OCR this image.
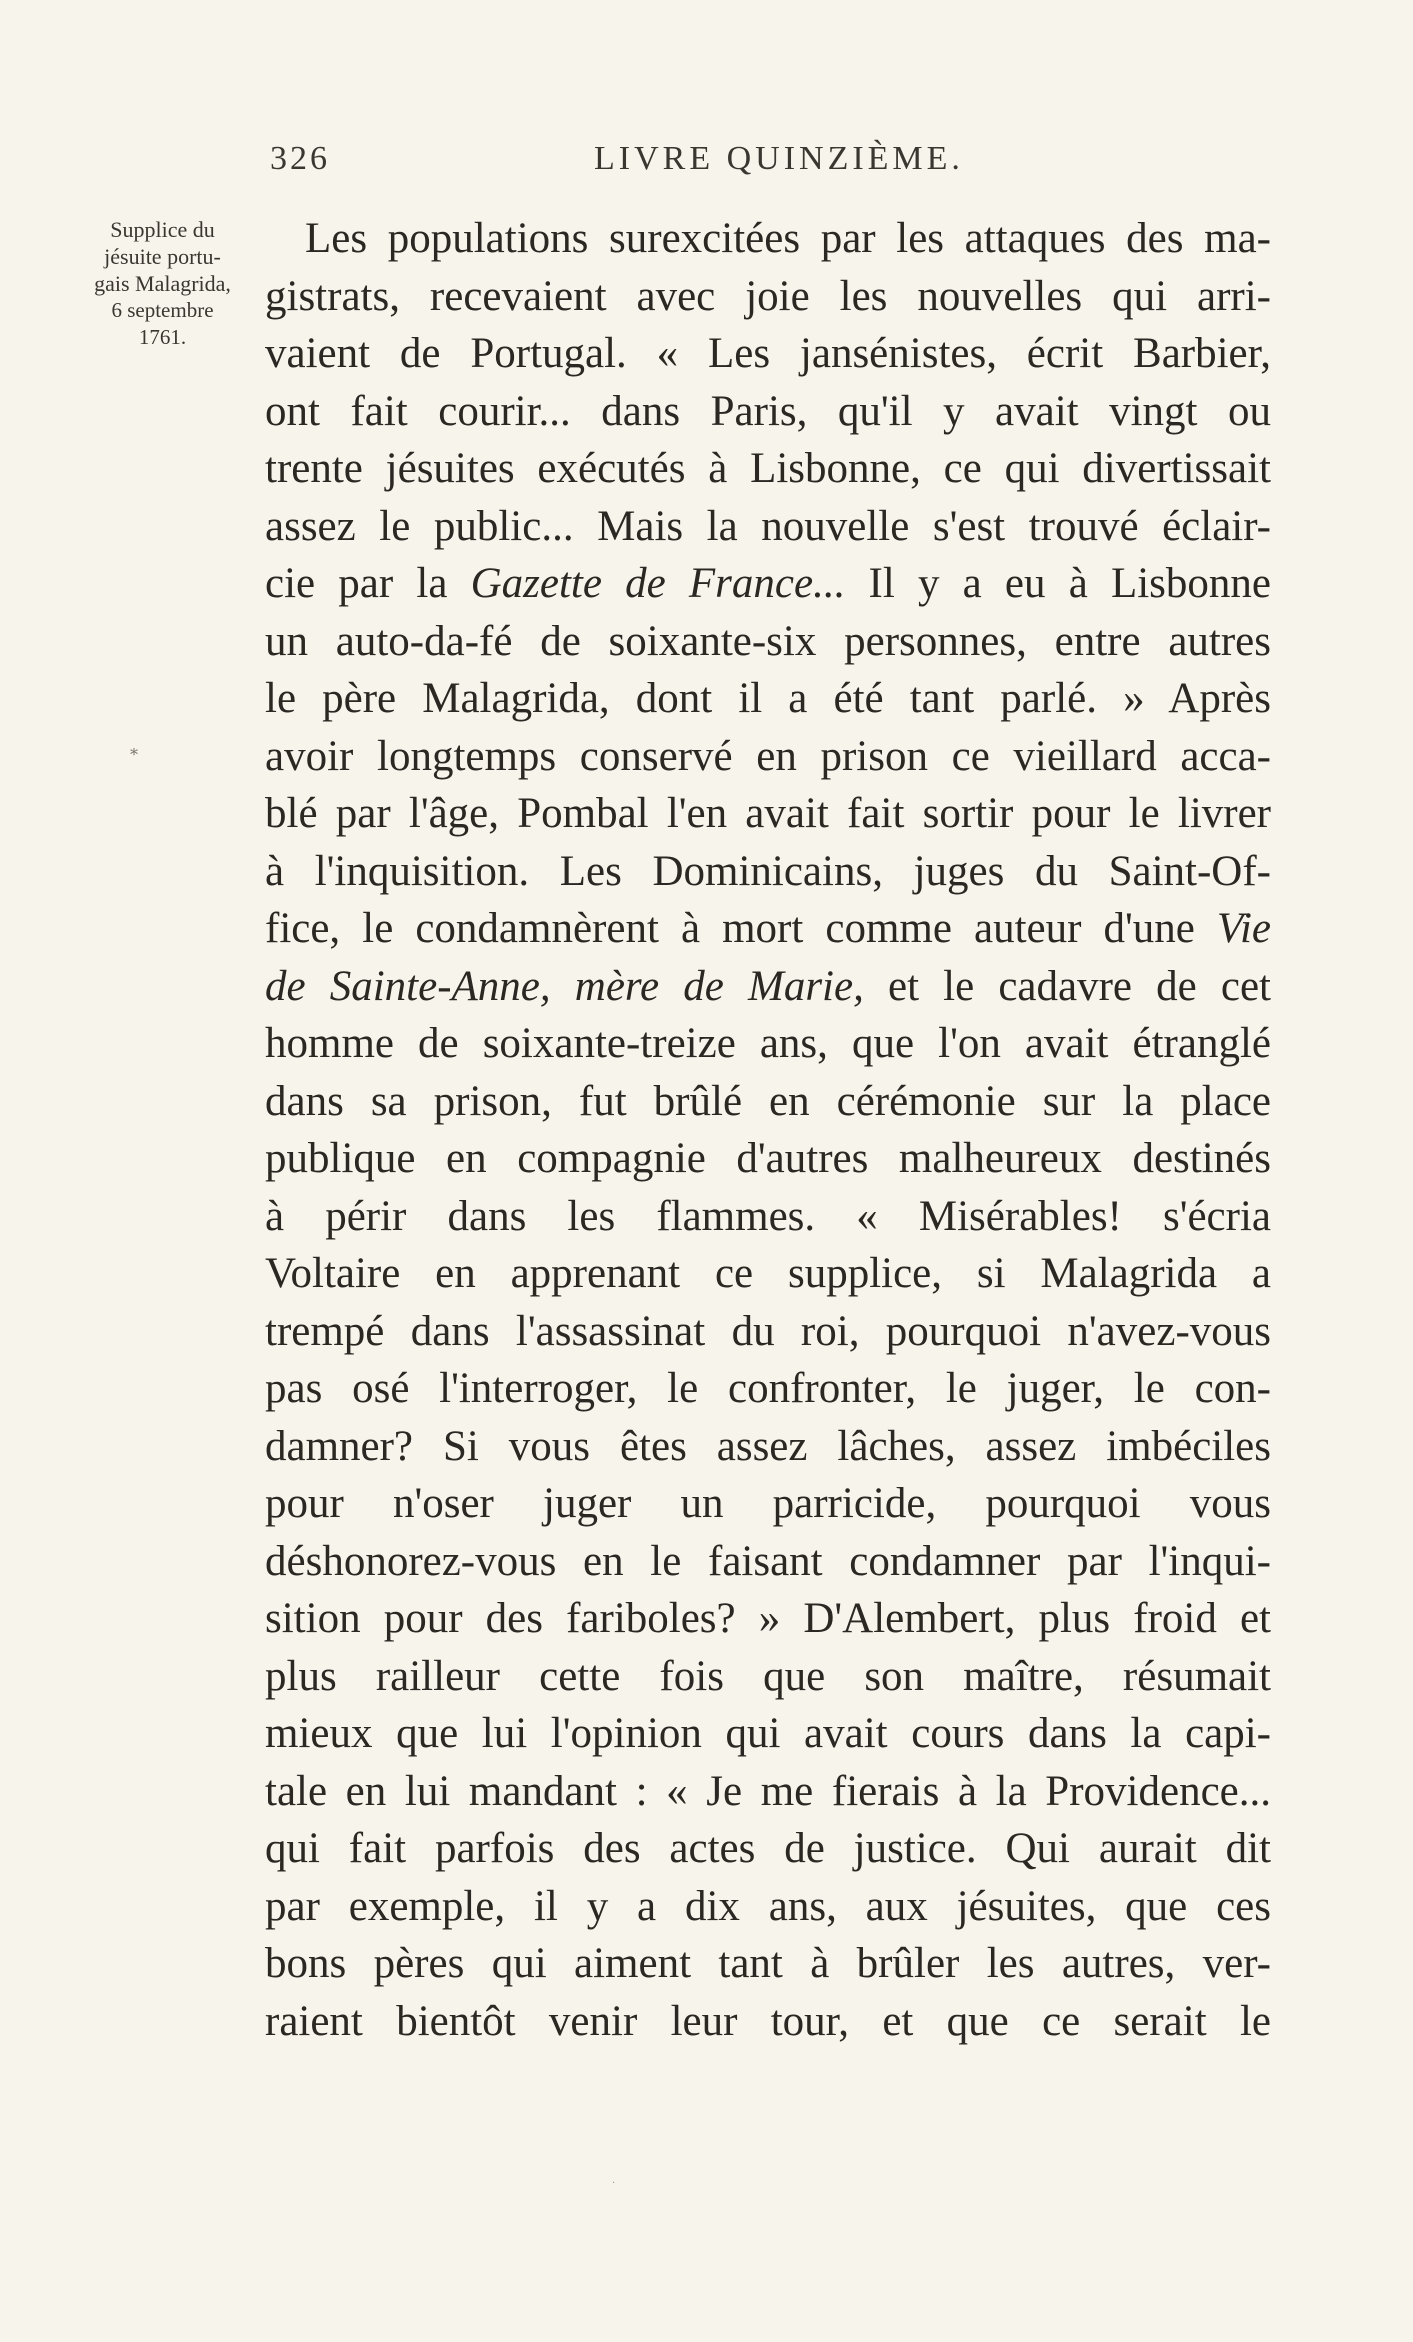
326	LIVRE QUINZIÈME.
Supplice du
jésuite portu-
gais Malagrida,
6 septembre
1761.
*
Les populations surexcitées par les attaques des ma-
gistrats, recevaient avec joie les nouvelles qui arri-
vaient de Portugal. « Les jansénistes, écrit Barbier,
ont fait courir... dans Paris, qu'il y avait vingt ou
trente jésuites exécutés à Lisbonne, ce qui divertissait
assez le public... Mais la nouvelle s'est trouvé éclair-
cie par la Gazette de France... Il y a eu à Lisbonne
un auto-da-fé de soixante-six personnes, entre autres
le père Malagrida, dont il a été tant parlé. » Après
avoir longtemps conservé en prison ce vieillard acca-
blé par l'âge, Pombal l'en avait fait sortir pour le livrer
à l'inquisition. Les Dominicains, juges du Saint-Of-
fice, le condamnèrent à mort comme auteur d'une Vie
de Sainte-Anne, mère de Marie, et le cadavre de cet
homme de soixante-treize ans, que l'on avait étranglé
dans sa prison, fut brûlé en cérémonie sur la place
publique en compagnie d'autres malheureux destinés
à périr dans les flammes. « Misérables! s'écria
Voltaire en apprenant ce supplice, si Malagrida a
trempé dans l'assassinat du roi, pourquoi n'avez-vous
pas osé l'interroger, le confronter, le juger, le con-
damner? Si vous êtes assez lâches, assez imbéciles
pour n'oser juger un parricide, pourquoi vous
déshonorez-vous en le faisant condamner par l'inqui-
sition pour des fariboles? » D'Alembert, plus froid et
plus railleur cette fois que son maître, résumait
mieux que lui l'opinion qui avait cours dans la capi-
tale en lui mandant : « Je me fierais à la Providence...
qui fait parfois des actes de justice. Qui aurait dit
par exemple, il y a dix ans, aux jésuites, que ces
bons pères qui aiment tant à brûler les autres, ver-
raient bientôt venir leur tour, et que ce serait le
·
